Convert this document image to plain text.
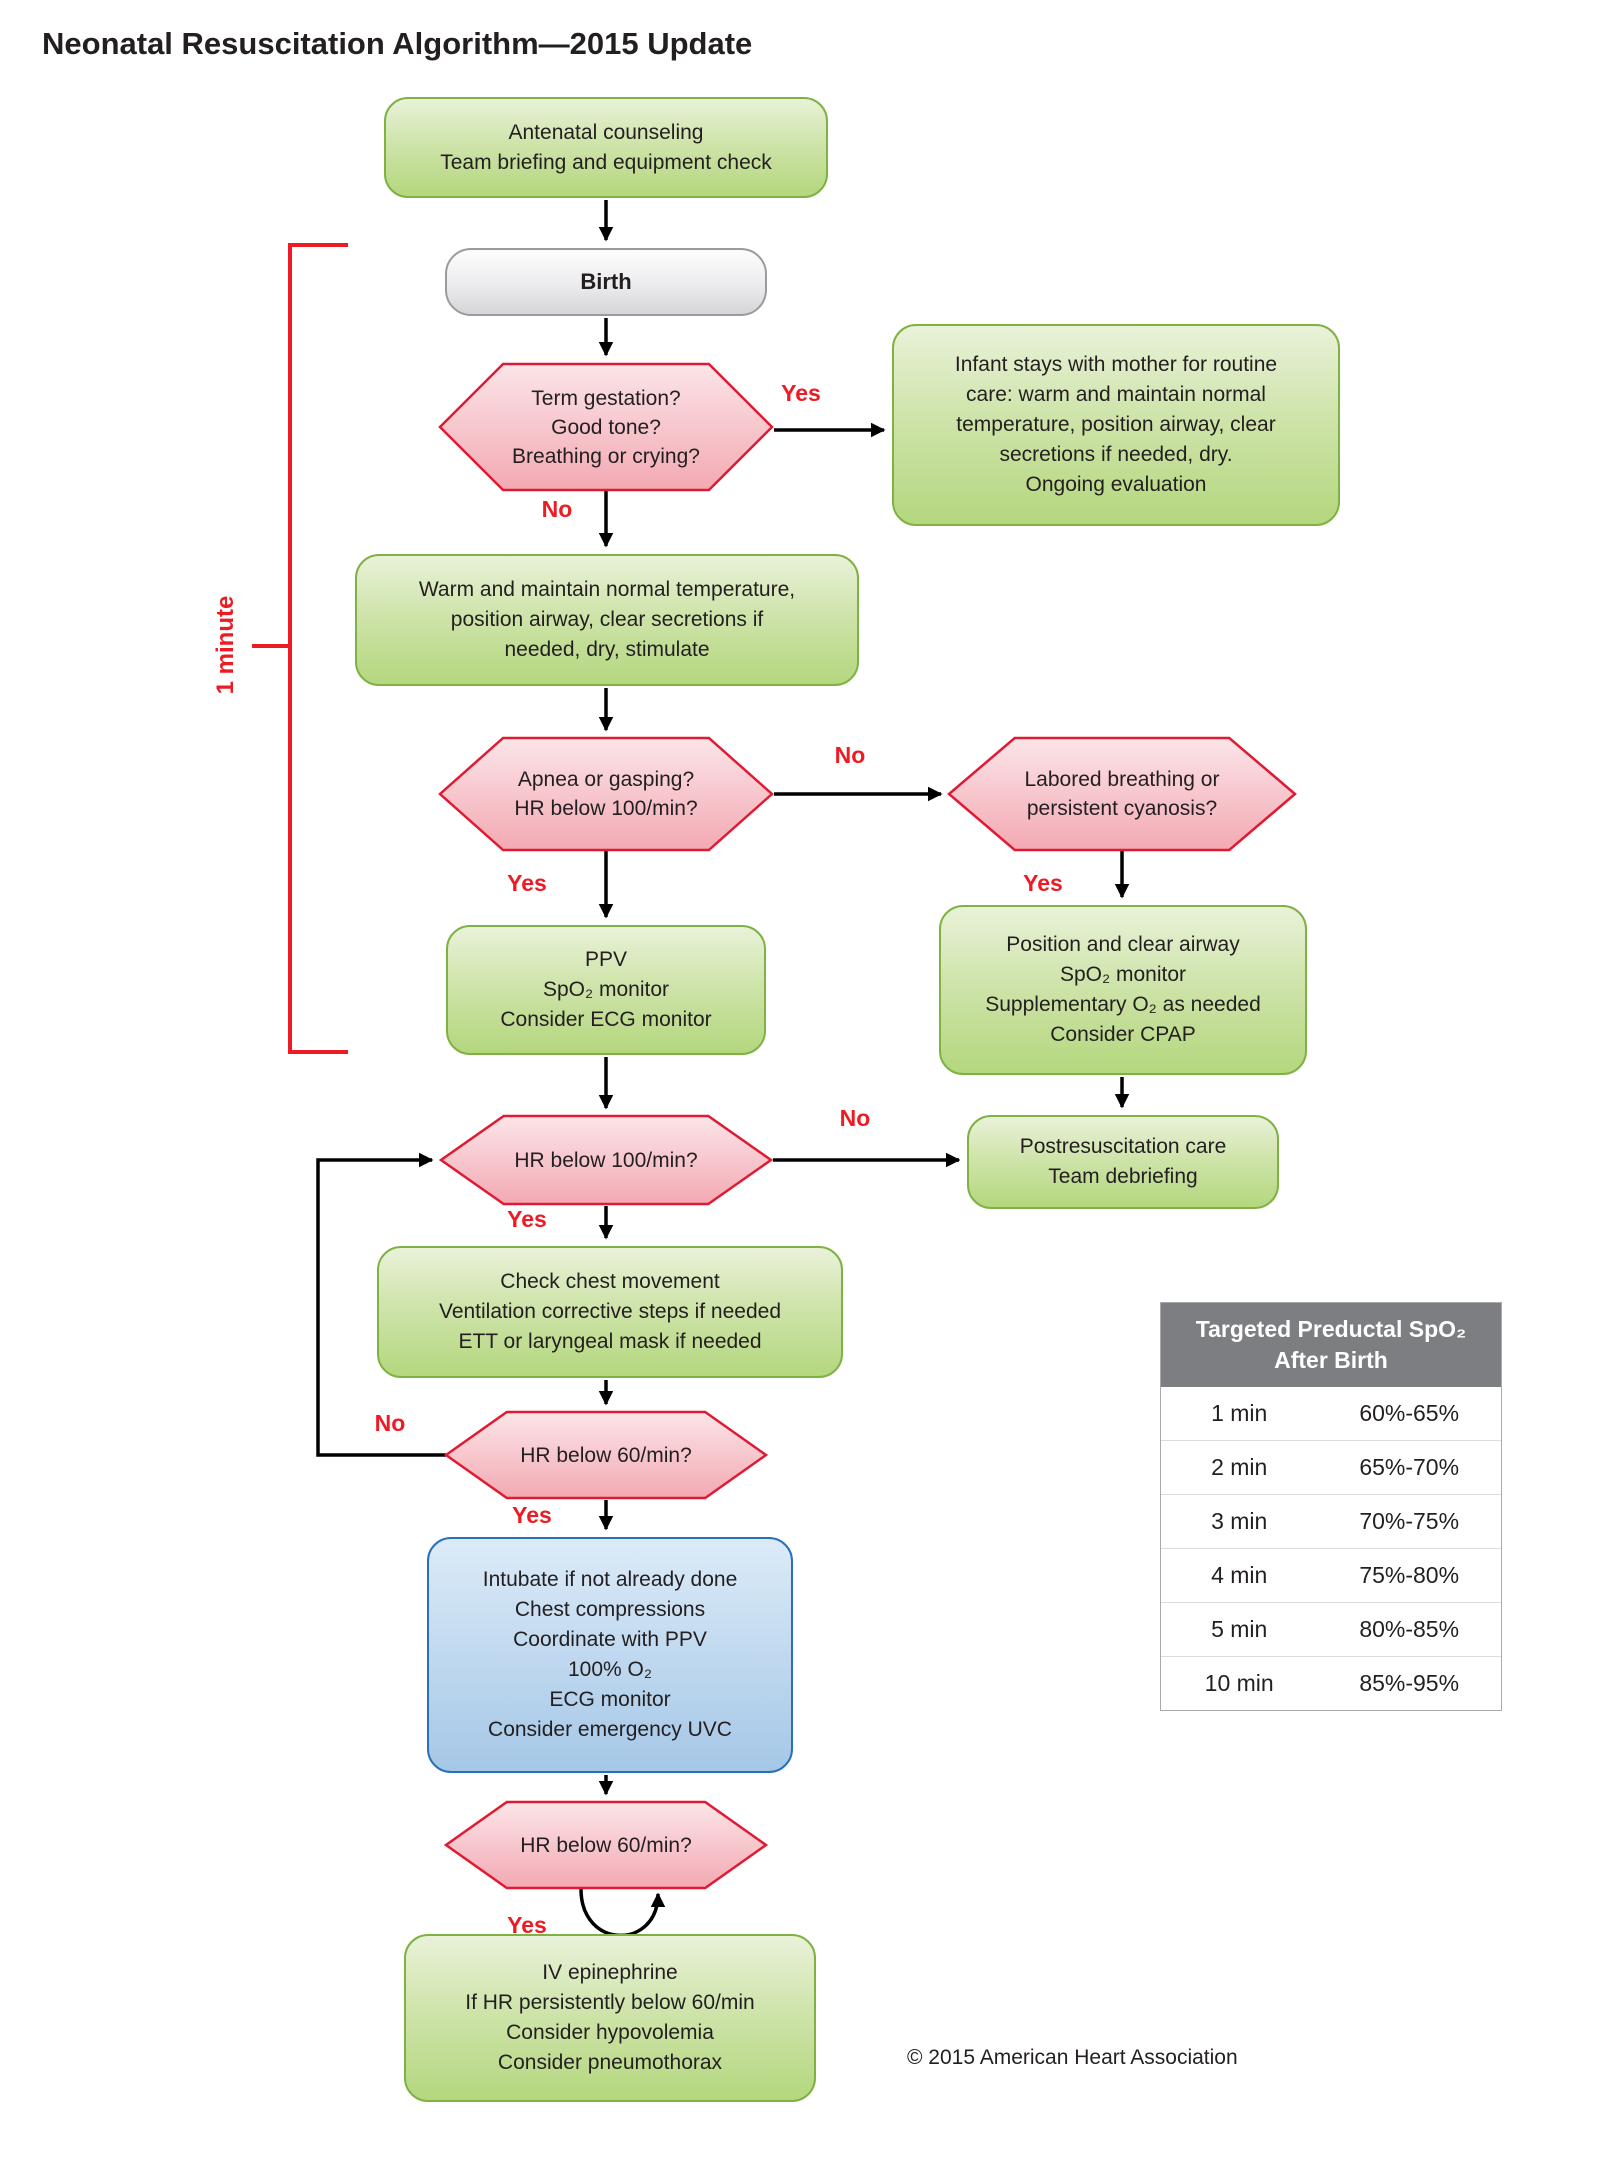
Neonatal Resuscitation Algorithm—2015 Update
1 minute
Antenatal counseling
Team briefing and equipment check
Birth
Infant stays with mother for routine
care: warm and maintain normal
temperature, position airway, clear
secretions if needed, dry.
Ongoing evaluation
Warm and maintain normal temperature,
position airway, clear secretions if
needed, dry, stimulate
PPV
SpO₂ monitor
Consider ECG monitor
Position and clear airway
SpO₂ monitor
Supplementary O₂ as needed
Consider CPAP
Postresuscitation care
Team debriefing
Check chest movement
Ventilation corrective steps if needed
ETT or laryngeal mask if needed
Intubate if not already done
Chest compressions
Coordinate with PPV
100% O₂
ECG monitor
Consider emergency UVC
IV epinephrine
If HR persistently below 60/min
Consider hypovolemia
Consider pneumothorax
Term gestation?
Good tone?
Breathing or crying?
Apnea or gasping?
HR below 100/min?
Labored breathing or
persistent cyanosis?
HR below 100/min?
HR below 60/min?
HR below 60/min?
Yes
No
No
Yes	Yes
No
Yes
No
Yes
Yes
Targeted Preductal SpO₂
After Birth
1 min	60%-65%
2 min	65%-70%
3 min	70%-75%
4 min	75%-80%
5 min	80%-85%
10 min	85%-95%
© 2015 American Heart Association
